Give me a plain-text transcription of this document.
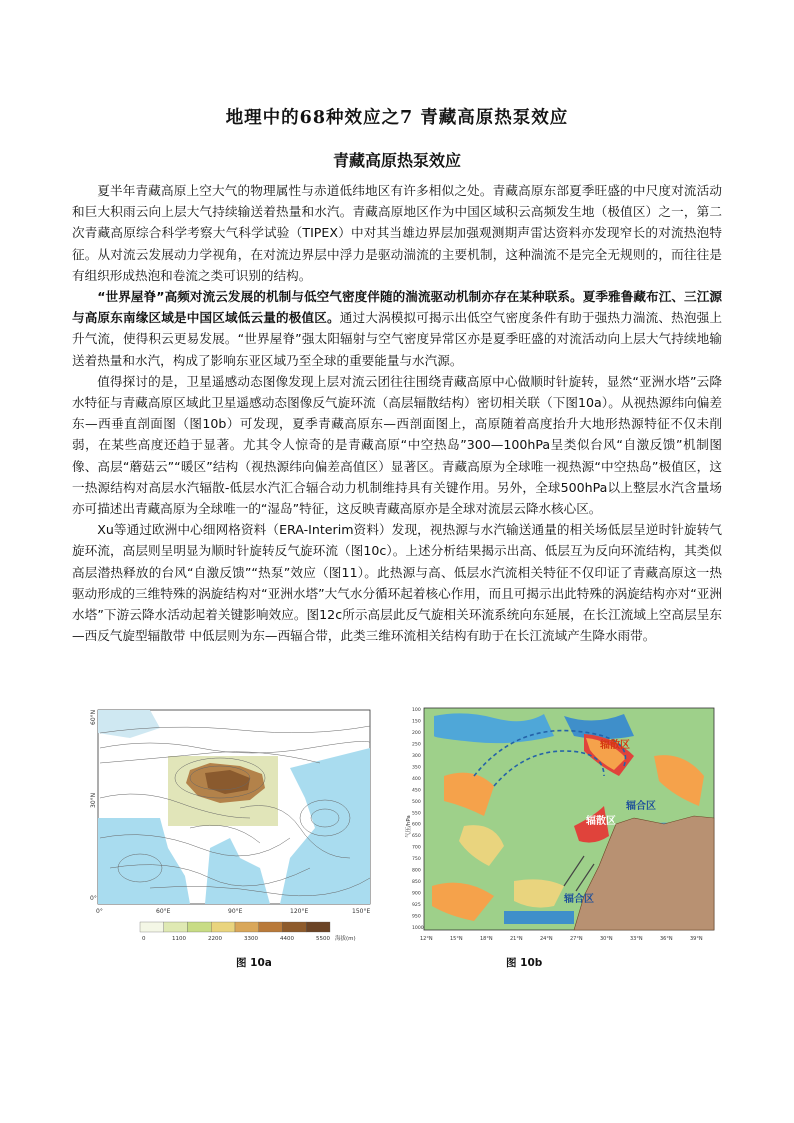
地理中的68种效应之7 青藏高原热泵效应
青藏高原热泵效应

夏半年青藏高原上空大气的物理属性与赤道低纬地区有许多相似之处。青藏高原东部夏季旺盛的中尺度对流活动和巨大积雨云向上层大气持续输送着热量和水汽。青藏高原地区作为中国区域积云高频发生地（极值区）之一，第二次青藏高原综合科学考察大气科学试验（TIPEX）中对其当雄边界层加强观测期声雷达资料亦发现窄长的对流热泡特征。从对流云发展动力学视角，在对流边界层中浮力是驱动湍流的主要机制，这种湍流不是完全无规则的，而往往是有组织形成热泡和卷流之类可识别的结构。

“世界屋脊”高频对流云发展的机制与低空气密度伴随的湍流驱动机制亦存在某种联系。夏季雅鲁藏布江、三江源与高原东南缘区域是中国区域低云量的极值区。通过大涡模拟可揭示出低空气密度条件有助于强热力湍流、热泡强上升气流，使得积云更易发展。“世界屋脊”强太阳辐射与空气密度异常区亦是夏季旺盛的对流活动向上层大气持续地输送着热量和水汽，构成了影响东亚区域乃至全球的重要能量与水汽源。

值得探讨的是，卫星遥感动态图像发现上层对流云团往往围绕青藏高原中心做顺时针旋转，显然“亚洲水塔”云降水特征与青藏高原区域此卫星遥感动态图像反气旋环流（高层辐散结构）密切相关联（下图10a）。从视热源纬向偏差东—西垂直剖面图（图10b）可发现，夏季青藏高原东—西剖面图上，高原随着高度抬升大地形热源特征不仅未削弱，在某些高度还趋于显著。尤其令人惊奇的是青藏高原“中空热岛”300—100hPa呈类似台风“自激反馈”机制图像、高层“蘑菇云”“暖区”结构（视热源纬向偏差高值区）显著区。青藏高原为全球唯一视热源“中空热岛”极值区，这一热源结构对高层水汽辐散-低层水汽汇合辐合动力机制维持具有关键作用。另外，全球500hPa以上整层水汽含量场亦可描述出青藏高原为全球唯一的“湿岛”特征，这反映青藏高原亦是全球对流层云降水核心区。

Xu等通过欧洲中心细网格资料（ERA-Interim资料）发现，视热源与水汽输送通量的相关场低层呈逆时针旋转气旋环流，高层则呈明显为顺时针旋转反气旋环流（图10c）。上述分析结果揭示出高、低层互为反向环流结构，其类似高层潜热释放的台风“自激反馈”“热泵”效应（图11）。此热源与高、低层水汽流相关特征不仅印证了青藏高原这一热驱动形成的三维特殊的涡旋结构对“亚洲水塔”大气水分循环起着核心作用，而且可揭示出此特殊的涡旋结构亦对“亚洲水塔”下游云降水活动起着关键影响效应。图12c所示高层此反气旋相关环流系统向东延展，在长江流域上空高层呈东—西反气旋型辐散带 中低层则为东—西辐合带，此类三维环流相关结构有助于在长江流域产生降水雨带。

60°N
30°N
0°
0°	60°E	90°E	120°E	150°E
0	1100	2200	3300	4400	5500 海拔(m)
辐散区
辐合区
辐散区
辐合区
100
150
200
250
300
350
400
450
500
550
600
650
700
750
800
850
900
925
950
1000
气压/hPa
12°N	15°N	18°N	21°N	24°N	27°N	30°N	33°N	36°N	39°N
图 10a	图 10b
